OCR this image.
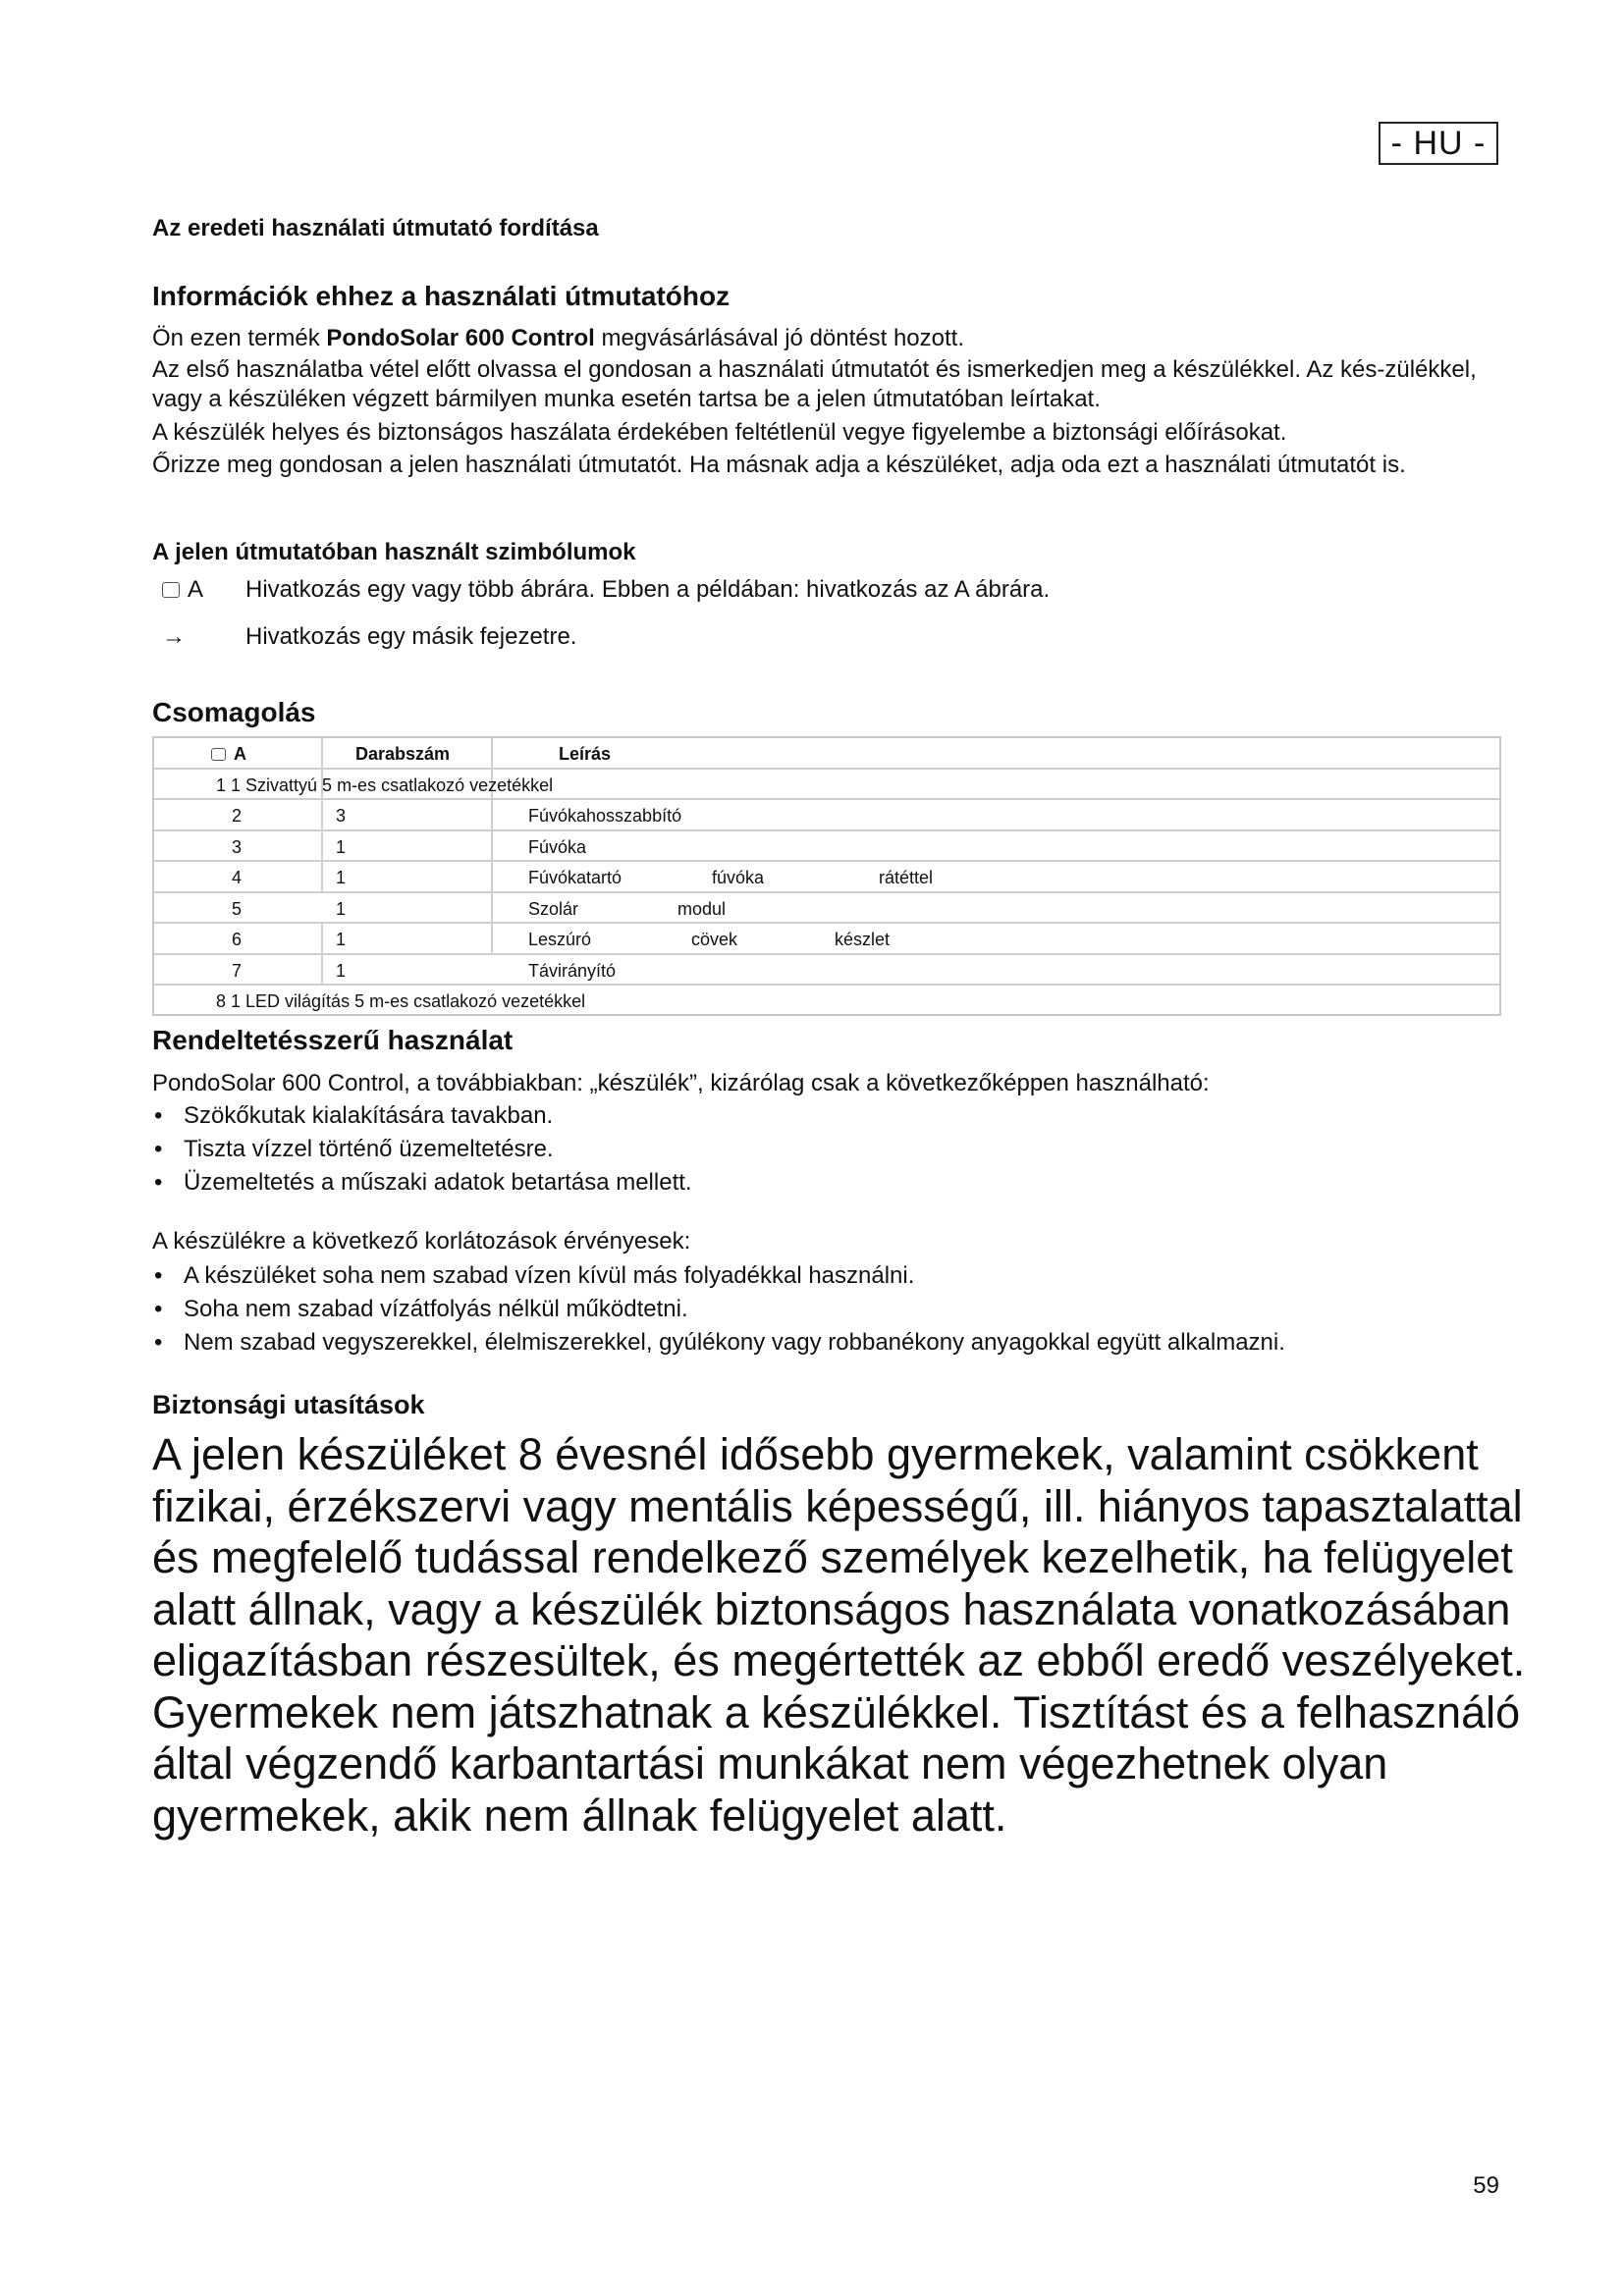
- HU -
Az eredeti használati útmutató fordítása
Információk ehhez a használati útmutatóhoz

Ön ezen termék PondoSolar 600 Control megvásárlásával jó döntést hozott.

Az első használatba vétel előtt olvassa el gondosan a használati útmutatót és ismerkedjen meg a készülékkel. Az kés-zülékkel, vagy a készüléken végzett bármilyen munka esetén tartsa be a jelen útmutatóban leírtakat.

A készülék helyes és biztonságos haszálata érdekében feltétlenül vegye figyelembe a biztonsági előírásokat.

Őrizze meg gondosan a jelen használati útmutatót. Ha másnak adja a készüléket, adja oda ezt a használati útmutatót is.

A jelen útmutatóban használt szimbólumok
A Hivatkozás egy vagy több ábrára. Ebben a példában: hivatkozás az A ábrára.
→	Hivatkozás egy másik fejezetre.
Csomagolás
A	Darabszám	Leírás
1 1 Szivattyú 5 m-es csatlakozó vezetékkel
2	3	Fúvókahosszabbító
3	1	Fúvóka
4	1	Fúvókatartó	fúvóka	rátéttel
5	1	Szolár	modul
6	1	Leszúró	cövek	készlet
7	1	Távirányító
8 1 LED világítás 5 m-es csatlakozó vezetékkel
Rendeltetésszerű használat

PondoSolar 600 Control, a továbbiakban: „készülék”, kizárólag csak a következőképpen használható:

• Szökőkutak kialakítására tavakban.
• Tiszta vízzel történő üzemeltetésre.
• Üzemeltetés a műszaki adatok betartása mellett.

A készülékre a következő korlátozások érvényesek:

• A készüléket soha nem szabad vízen kívül más folyadékkal használni.
• Soha nem szabad vízátfolyás nélkül működtetni.
• Nem szabad vegyszerekkel, élelmiszerekkel, gyúlékony vagy robbanékony anyagokkal együtt alkalmazni.
Biztonsági utasítások

A jelen készüléket 8 évesnél idősebb gyermekek, valamint csökkent fizikai, érzékszervi vagy mentális képességű, ill. hiányos tapasztalattal és megfelelő tudással rendelkező személyek kezelhetik, ha felügyelet alatt állnak, vagy a készülék biztonságos használata vonatkozásában eligazításban részesültek, és megértették az ebből eredő veszélyeket. Gyermekek nem játszhatnak a készülékkel. Tisztítást és a felhasználó által végzendő karbantartási munkákat nem végezhetnek olyan gyermekek, akik nem állnak felügyelet alatt.

59
